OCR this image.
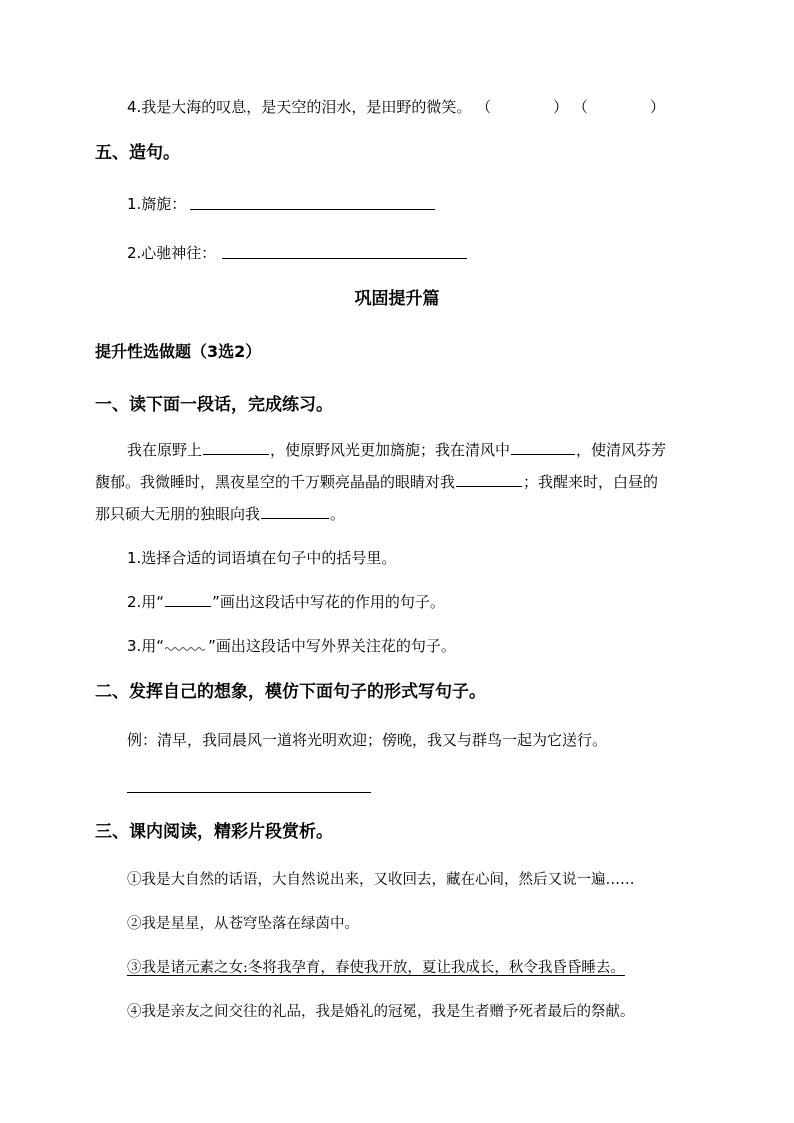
4.我是大海的叹息，是天空的泪水，是田野的微笑。 （	） （	）
五、造句。
1.旖旎：
2.心驰神往：
巩固提升篇
提升性选做题（3选2）
一、读下面一段话，完成练习。
我在原野上	，使原野风光更加旖旎；我在清风中	，使清风芬芳
馥郁。我微睡时，黑夜星空的千万颗亮晶晶的眼睛对我	；我醒来时，白昼的
那只硕大无朋的独眼向我	。
1.选择合适的词语填在句子中的括号里。
2.用“	”画出这段话中写花的作用的句子。
3.用“	”画出这段话中写外界关注花的句子。
二、发挥自己的想象，模仿下面句子的形式写句子。
例：清早，我同晨风一道将光明欢迎；傍晚，我又与群鸟一起为它送行。
三、课内阅读，精彩片段赏析。
①我是大自然的话语，大自然说出来，又收回去，藏在心间，然后又说一遍……
②我是星星，从苍穹坠落在绿茵中。
③我是诸元素之女:冬将我孕育，春使我开放，夏让我成长，秋令我昏昏睡去。
④我是亲友之间交往的礼品，我是婚礼的冠冕，我是生者赠予死者最后的祭献。
